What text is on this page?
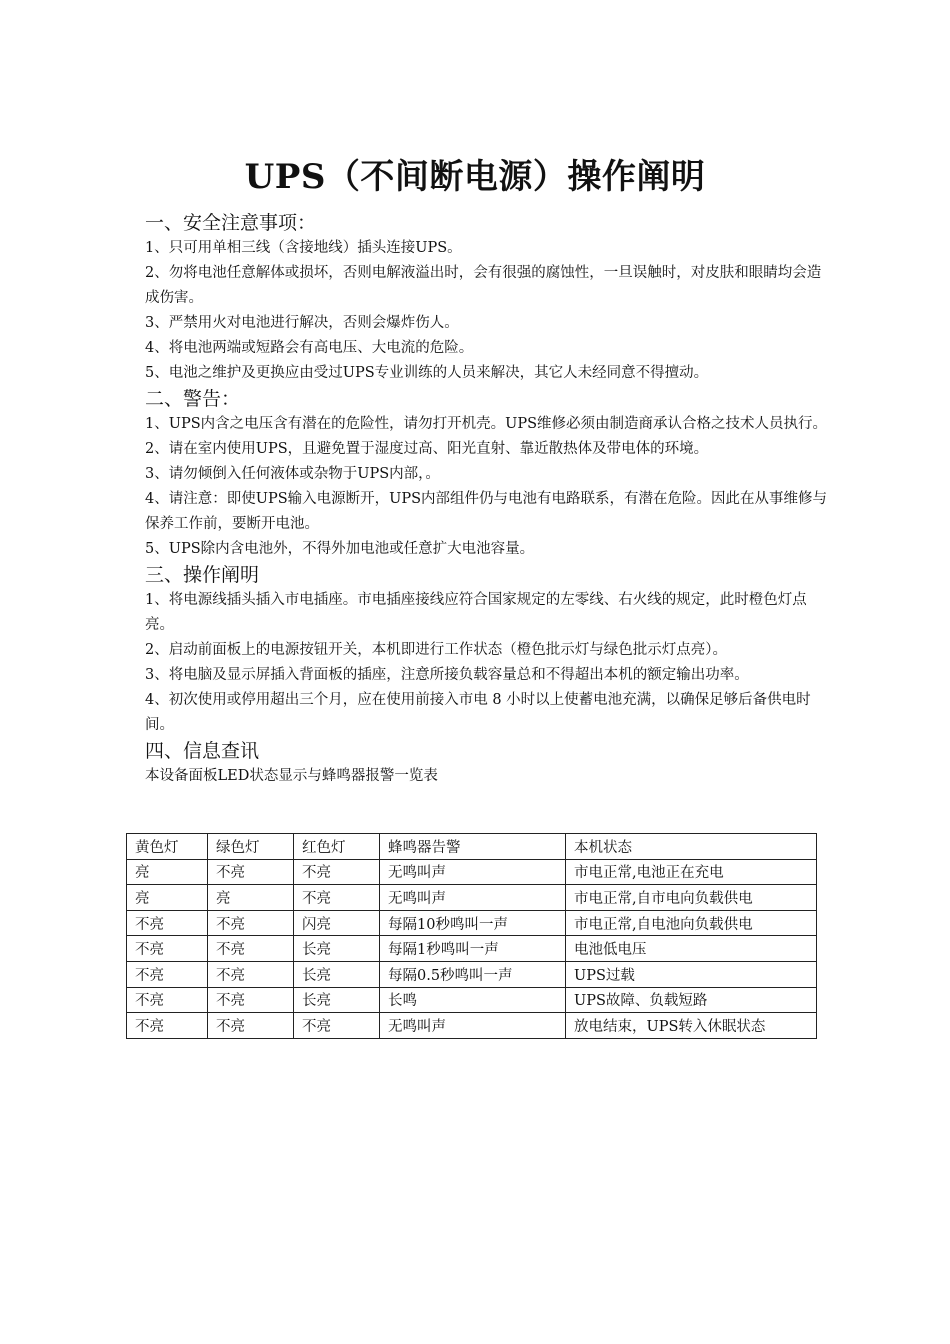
UPS（不间断电源）操作阐明

一、安全注意事项：

1、只可用单相三线（含接地线）插头连接UPS。

2、勿将电池任意解体或损坏，否则电解液溢出时，会有很强的腐蚀性，一旦误触时，对皮肤和眼睛均会造成伤害。

3、严禁用火对电池进行解决，否则会爆炸伤人。

4、将电池两端或短路会有高电压、大电流的危险。

5、电池之维护及更换应由受过UPS专业训练的人员来解决，其它人未经同意不得擅动。

二、警告：

1、UPS内含之电压含有潜在的危险性，请勿打开机壳。UPS维修必须由制造商承认合格之技术人员执行。

2、请在室内使用UPS，且避免置于湿度过高、阳光直射、靠近散热体及带电体的环境。

3、请勿倾倒入任何液体或杂物于UPS内部，。

4、请注意：即使UPS输入电源断开，UPS内部组件仍与电池有电路联系，有潜在危险。因此在从事维修与保养工作前，要断开电池。

5、UPS除内含电池外，不得外加电池或任意扩大电池容量。

三、操作阐明

1、将电源线插头插入市电插座。市电插座接线应符合国家规定的左零线、右火线的规定，此时橙色灯点亮。

2、启动前面板上的电源按钮开关，本机即进行工作状态（橙色批示灯与绿色批示灯点亮）。

3、将电脑及显示屏插入背面板的插座，注意所接负载容量总和不得超出本机的额定输出功率。

4、初次使用或停用超出三个月，应在使用前接入市电 8 小时以上使蓄电池充满，以确保足够后备供电时间。

四、信息查讯

本设备面板LED状态显示与蜂鸣器报警一览表

黄色灯	绿色灯	红色灯	蜂鸣器告警	本机状态
亮	不亮	不亮	无鸣叫声	市电正常,电池正在充电
亮	亮	不亮	无鸣叫声	市电正常,自市电向负载供电
不亮	不亮	闪亮	每隔10秒鸣叫一声	市电正常,自电池向负载供电
不亮	不亮	长亮	每隔1秒鸣叫一声	电池低电压
不亮	不亮	长亮	每隔0.5秒鸣叫一声	UPS过载
不亮	不亮	长亮	长鸣	UPS故障、负载短路
不亮	不亮	不亮	无鸣叫声	放电结束，UPS转入休眠状态
